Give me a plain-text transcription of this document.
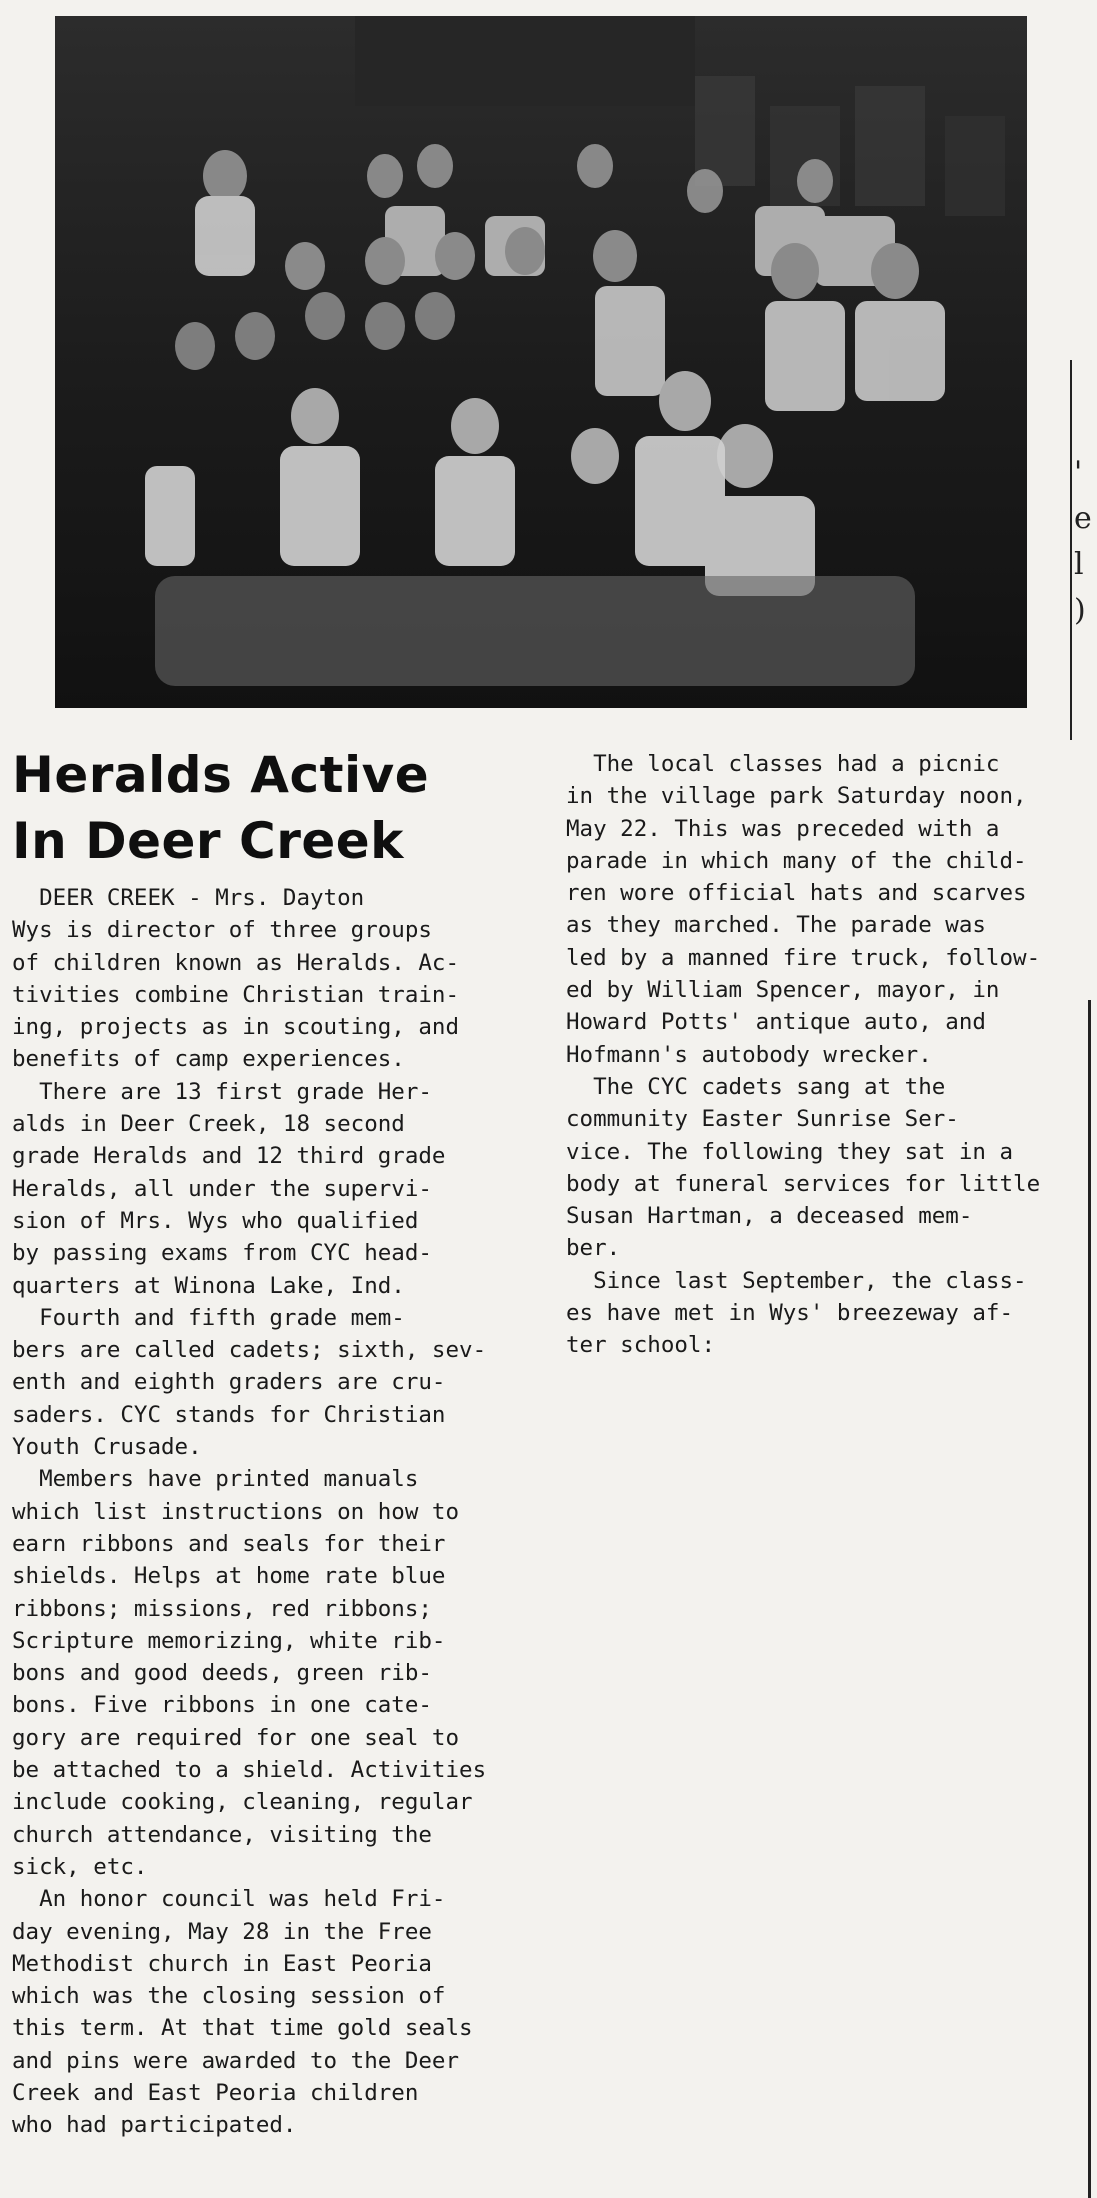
'
e
l
)
Heralds Active
In Deer Creek
DEER CREEK - Mrs. Dayton
Wys is director of three groups
of children known as Heralds. Ac-
tivities combine Christian train-
ing, projects as in scouting, and
benefits of camp experiences.
There are 13 first grade Her-
alds in Deer Creek, 18 second
grade Heralds and 12 third grade
Heralds, all under the supervi-
sion of Mrs. Wys who qualified
by passing exams from CYC head-
quarters at Winona Lake, Ind.
Fourth and fifth grade mem-
bers are called cadets; sixth, sev-
enth and eighth graders are cru-
saders. CYC stands for Christian
Youth Crusade.
Members have printed manuals
which list instructions on how to
earn ribbons and seals for their
shields. Helps at home rate blue
ribbons; missions, red ribbons;
Scripture memorizing, white rib-
bons and good deeds, green rib-
bons. Five ribbons in one cate-
gory are required for one seal to
be attached to a shield. Activities
include cooking, cleaning, regular
church attendance, visiting the
sick, etc.
An honor council was held Fri-
day evening, May 28 in the Free
Methodist church in East Peoria
which was the closing session of
this term. At that time gold seals
and pins were awarded to the Deer
Creek and East Peoria children
who had participated.
The local classes had a picnic
in the village park Saturday noon,
May 22. This was preceded with a
parade in which many of the child-
ren wore official hats and scarves
as they marched. The parade was
led by a manned fire truck, follow-
ed by William Spencer, mayor, in
Howard Potts' antique auto, and
Hofmann's autobody wrecker.
The CYC cadets sang at the
community Easter Sunrise Ser-
vice. The following they sat in a
body at funeral services for little
Susan Hartman, a deceased mem-
ber.
Since last September, the class-
es have met in Wys' breezeway af-
ter school:
